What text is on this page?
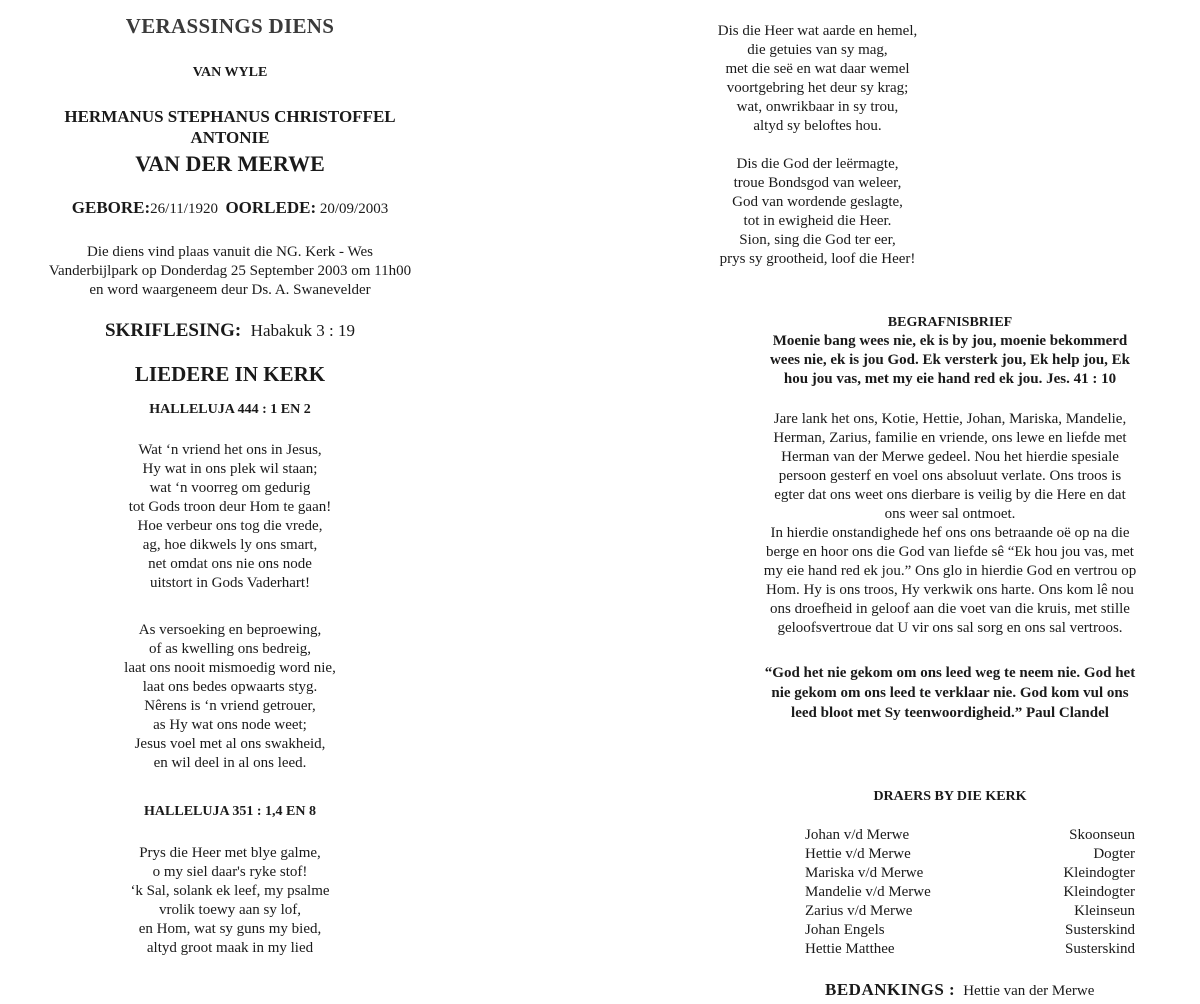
VERASSINGS DIENS
VAN WYLE
HERMANUS STEPHANUS CHRISTOFFEL
ANTONIE
VAN DER MERWE
GEBORE:26/11/1920 OORLEDE: 20/09/2003
Die diens vind plaas vanuit die NG. Kerk - Wes
Vanderbijlpark op Donderdag 25 September 2003 om 11h00
en word waargeneem deur Ds. A. Swanevelder
SKRIFLESING: Habakuk 3 : 19
LIEDERE IN KERK
HALLELUJA 444 : 1 EN 2
Wat ‘n vriend het ons in Jesus,
Hy wat in ons plek wil staan;
wat ‘n voorreg om gedurig
tot Gods troon deur Hom te gaan!
Hoe verbeur ons tog die vrede,
ag, hoe dikwels ly ons smart,
net omdat ons nie ons node
uitstort in Gods Vaderhart!
As versoeking en beproewing,
of as kwelling ons bedreig,
laat ons nooit mismoedig word nie,
laat ons bedes opwaarts styg.
Nêrens is ‘n vriend getrouer,
as Hy wat ons node weet;
Jesus voel met al ons swakheid,
en wil deel in al ons leed.
HALLELUJA 351 : 1,4 EN 8
Prys die Heer met blye galme,
o my siel daar's ryke stof!
‘k Sal, solank ek leef, my psalme
vrolik toewy aan sy lof,
en Hom, wat sy guns my bied,
altyd groot maak in my lied
Dis die Heer wat aarde en hemel,
die getuies van sy mag,
met die seë en wat daar wemel
voortgebring het deur sy krag;
wat, onwrikbaar in sy trou,
altyd sy beloftes hou.
Dis die God der leërmagte,
troue Bondsgod van weleer,
God van wordende geslagte,
tot in ewigheid die Heer.
Sion, sing die God ter eer,
prys sy grootheid, loof die Heer!
BEGRAFNISBRIEF
Moenie bang wees nie, ek is by jou, moenie bekommerd
wees nie, ek is jou God. Ek versterk jou, Ek help jou, Ek
hou jou vas, met my eie hand red ek jou. Jes. 41 : 10
Jare lank het ons, Kotie, Hettie, Johan, Mariska, Mandelie,
Herman, Zarius, familie en vriende, ons lewe en liefde met
Herman van der Merwe gedeel. Nou het hierdie spesiale
persoon gesterf en voel ons absoluut verlate. Ons troos is
egter dat ons weet ons dierbare is veilig by die Here en dat
ons weer sal ontmoet.
In hierdie onstandighede hef ons ons betraande oë op na die
berge en hoor ons die God van liefde sê “Ek hou jou vas, met
my eie hand red ek jou.” Ons glo in hierdie God en vertrou op
Hom. Hy is ons troos, Hy verkwik ons harte. Ons kom lê nou
ons droefheid in geloof aan die voet van die kruis, met stille
geloofsvertroue dat U vir ons sal sorg en ons sal vertroos.
“God het nie gekom om ons leed weg te neem nie. God het
nie gekom om ons leed te verklaar nie. God kom vul ons
leed bloot met Sy teenwoordigheid.” Paul Clandel
DRAERS BY DIE KERK
Johan v/d Merwe	Skoonseun
Hettie v/d Merwe	Dogter
Mariska v/d Merwe	Kleindogter
Mandelie v/d Merwe	Kleindogter
Zarius v/d Merwe	Kleinseun
Johan Engels	Susterskind
Hettie Matthee	Susterskind
BEDANKINGS : Hettie van der Merwe
